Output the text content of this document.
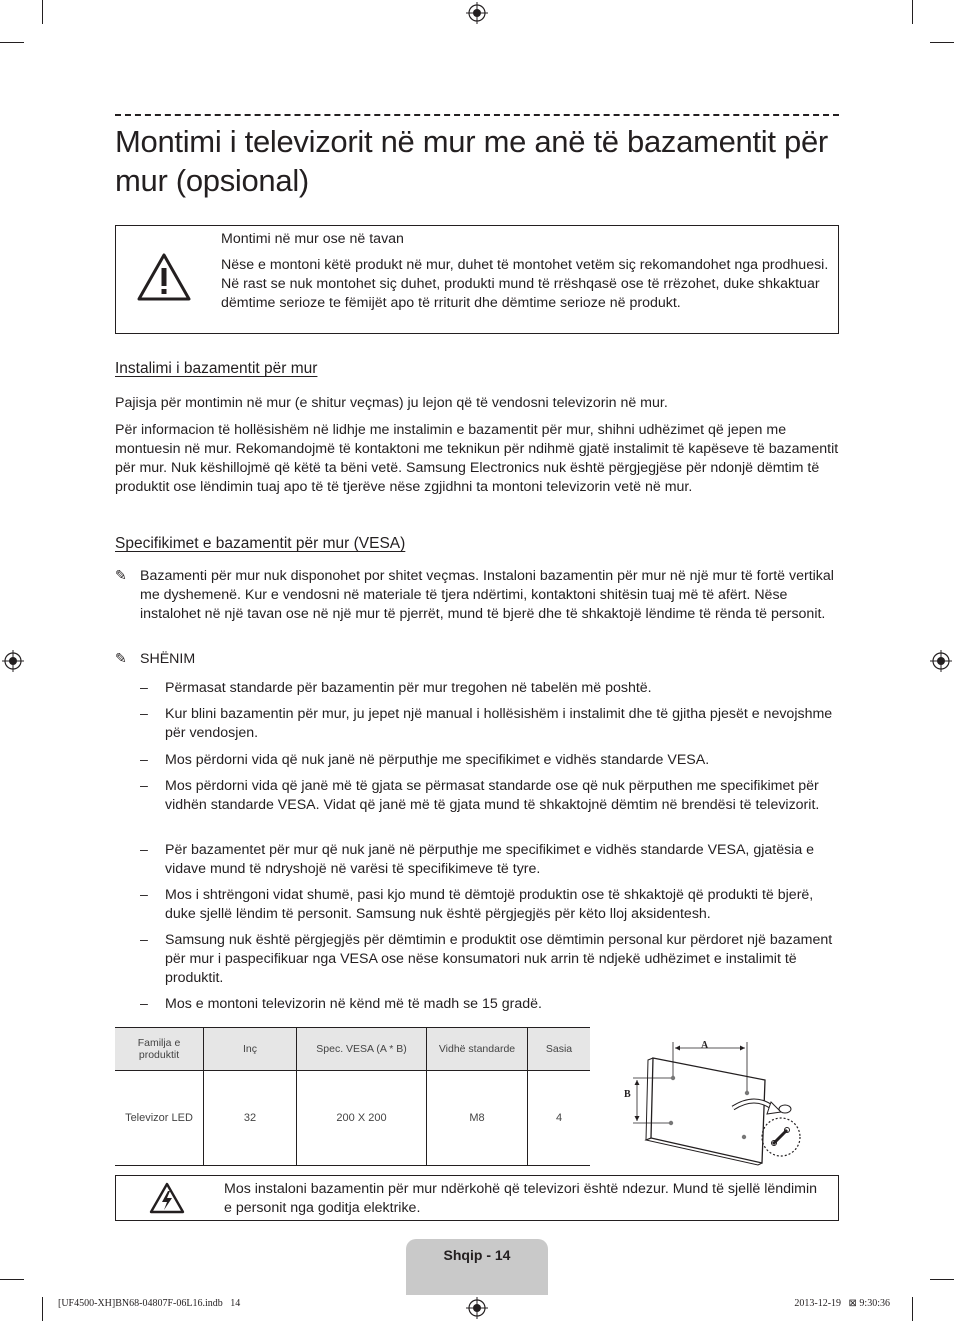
Montimi i televizorit në mur me anë të bazamentit për mur (opsional)
Montimi në mur ose në tavan
Nëse e montoni këtë produkt në mur, duhet të montohet vetëm siç rekomandohet nga prodhuesi. Në rast se nuk montohet siç duhet, produkti mund të rrëshqasë ose të rrëzohet, duke shkaktuar dëmtime serioze te fëmijët apo të rriturit dhe dëmtime serioze në produkt.
Instalimi i bazamentit për mur

Pajisja për montimin në mur (e shitur veçmas) ju lejon që të vendosni televizorin në mur.

Për informacion të hollësishëm në lidhje me instalimin e bazamentit për mur, shihni udhëzimet që jepen me montuesin në mur. Rekomandojmë të kontaktoni me teknikun për ndihmë gjatë instalimit të kapëseve të bazamentit për mur. Nuk këshillojmë që këtë ta bëni vetë. Samsung Electronics nuk është përgjegjëse për ndonjë dëmtim të produktit ose lëndimin tuaj apo të të tjerëve nëse zgjidhni ta montoni televizorin vetë në mur.

Specifikimet e bazamentit për mur (VESA)
✎ Bazamenti për mur nuk disponohet por shitet veçmas. Instaloni bazamentin për mur në një mur të fortë vertikal me dyshemenë. Kur e vendosni në materiale të tjera ndërtimi, kontaktoni shitësin tuaj më të afërt. Nëse instalohet në një tavan ose në një mur të pjerrët, mund të bjerë dhe të shkaktojë lëndime të rënda të personit.

✎ SHËNIM
– Përmasat standarde për bazamentin për mur tregohen në tabelën më poshtë.
– Kur blini bazamentin për mur, ju jepet një manual i hollësishëm i instalimit dhe të gjitha pjesët e nevojshme për vendosjen.
– Mos përdorni vida që nuk janë në përputhje me specifikimet e vidhës standarde VESA.
– Mos përdorni vida që janë më të gjata se përmasat standarde ose që nuk përputhen me specifikimet për vidhën standarde VESA. Vidat që janë më të gjata mund të shkaktojnë dëmtim në brendësi të televizorit.
– Për bazamentet për mur që nuk janë në përputhje me specifikimet e vidhës standarde VESA, gjatësia e vidave mund të ndryshojë në varësi të specifikimeve të tyre.
– Mos i shtrëngoni vidat shumë, pasi kjo mund të dëmtojë produktin ose të shkaktojë që produkti të bjerë, duke sjellë lëndim të personit. Samsung nuk është përgjegjës për këto lloj aksidentesh.
– Samsung nuk është përgjegjës për dëmtimin e produktit ose dëmtimin personal kur përdoret një bazament për mur i paspecifikuar nga VESA ose nëse konsumatori nuk arrin të ndjekë udhëzimet e instalimit të produktit.
– Mos e montoni televizorin në kënd më të madh se 15 gradë.
Familja e produktit	Inç	Spec. VESA (A * B)	Vidhë standarde	Sasia
Televizor LED	32	200 X 200	M8	4
A
B
Mos instaloni bazamentin për mur ndërkohë që televizori është ndezur. Mund të sjellë lëndimin e personit nga goditja elektrike.
Shqip - 14
[UF4500-XH]BN68-04807F-06L16.indb   14	2013-12-19   ⊠ 9:30:36
